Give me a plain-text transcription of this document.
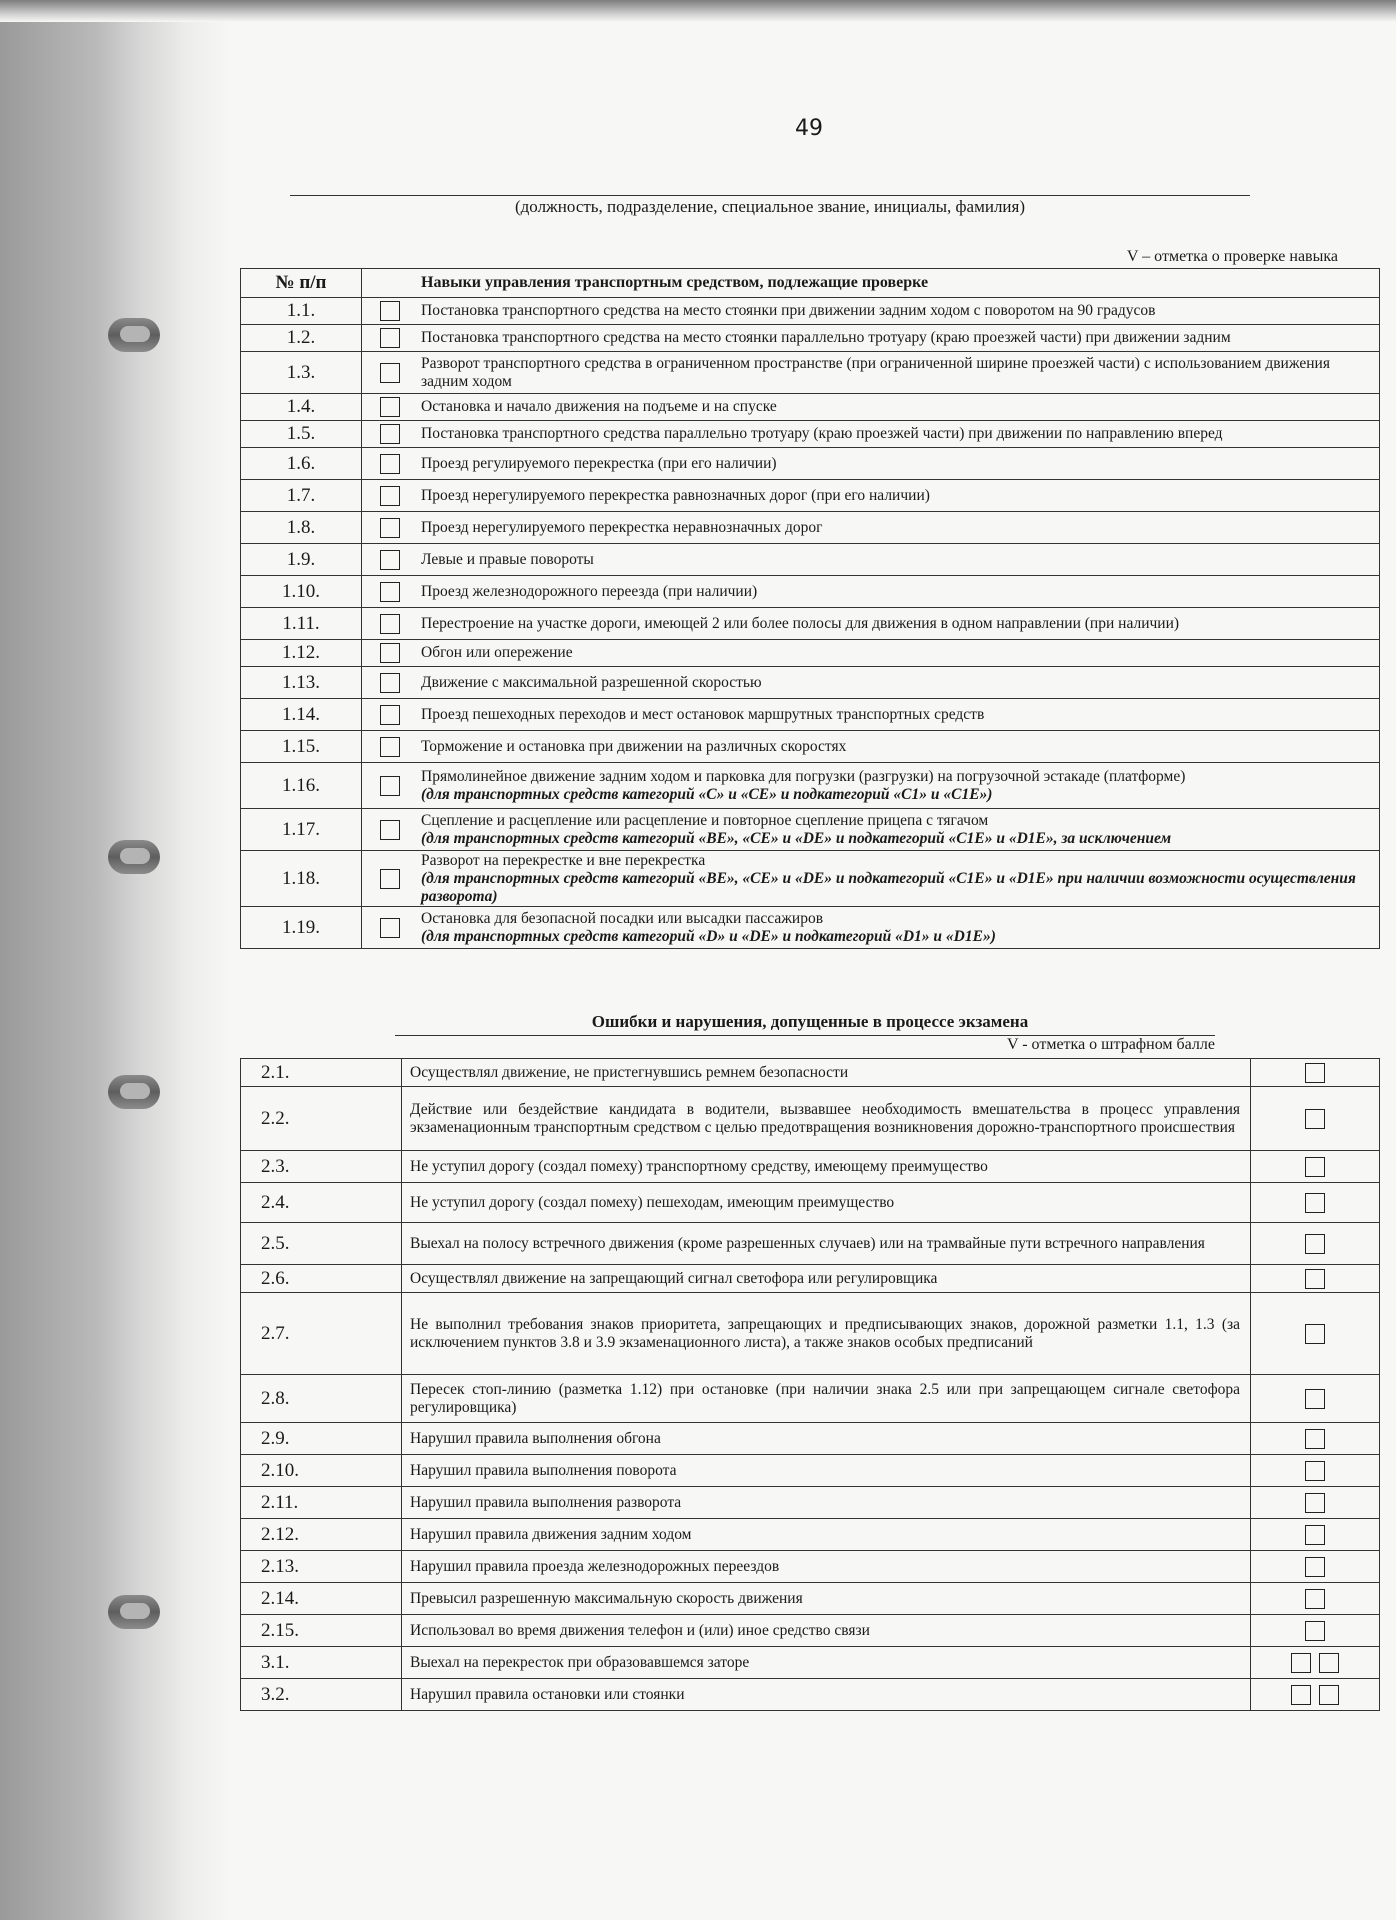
49
(должность, подразделение, специальное звание, инициалы, фамилия)
V – отметка о проверке навыка
№ п/п		Навыки управления транспортным средством, подлежащие проверке
1.1.		Постановка транспортного средства на место стоянки при движении задним ходом с поворотом на 90 градусов

1.2.		Постановка транспортного средства на место стоянки параллельно тротуару (краю проезжей части) при движении задним

1.3.		Разворот транспортного средства в ограниченном пространстве (при ограниченной ширине проезжей части) с использованием движения задним ходом

1.4.		Остановка и начало движения на подъеме и на спуске

1.5.		Постановка транспортного средства параллельно тротуару (краю проезжей части) при движении по направлению вперед

1.6.		Проезд регулируемого перекрестка (при его наличии)

1.7.		Проезд нерегулируемого перекрестка равнозначных дорог (при его наличии)

1.8.		Проезд нерегулируемого перекрестка неравнозначных дорог

1.9.		Левые и правые повороты

1.10.		Проезд железнодорожного переезда (при наличии)

1.11.		Перестроение на участке дороги, имеющей 2 или более полосы для движения в одном направлении (при наличии)

1.12.		Обгон или опережение

1.13.		Движение с максимальной разрешенной скоростью

1.14.		Проезд пешеходных переходов и мест остановок маршрутных транспортных средств

1.15.		Торможение и остановка при движении на различных скоростях

1.16.		Прямолинейное движение задним ходом и парковка для погрузки (разгрузки) на погрузочной эстакаде (платформе)
(для транспортных средств категорий «С» и «СЕ» и подкатегорий «С1» и «С1Е»)

1.17.		Сцепление и расцепление или расцепление и повторное сцепление прицепа с тягачом
(для транспортных средств категорий «ВЕ», «СЕ» и «DE» и подкатегорий «С1Е» и «D1E», за исключением

1.18.		Разворот на перекрестке и вне перекрестка
(для транспортных средств категорий «ВЕ», «СЕ» и «DE» и подкатегорий «С1Е» и «D1E» при наличии возможности осуществления разворота)

1.19.		Остановка для безопасной посадки или высадки пассажиров
(для транспортных средств категорий «D» и «DE» и подкатегорий «D1» и «D1E»)
Ошибки и нарушения, допущенные в процессе экзамена
V - отметка о штрафном балле
2.1.	Осуществлял движение, не пристегнувшись ремнем безопасности	
2.2.	Действие или бездействие кандидата в водители, вызвавшее необходимость вмешательства в процесс управления экзаменационным транспортным средством с целью предотвращения возникновения дорожно-транспортного происшествия	
2.3.	Не уступил дорогу (создал помеху) транспортному средству, имеющему преимущество	
2.4.	Не уступил дорогу (создал помеху) пешеходам, имеющим преимущество	
2.5.	Выехал на полосу встречного движения (кроме разрешенных случаев) или на трамвайные пути встречного направления	
2.6.	Осуществлял движение на запрещающий сигнал светофора или регулировщика	
2.7.	Не выполнил требования знаков приоритета, запрещающих и предписывающих знаков, дорожной разметки 1.1, 1.3 (за исключением пунктов 3.8 и 3.9 экзаменационного листа), а также знаков особых предписаний	
2.8.	Пересек стоп-линию (разметка 1.12) при остановке (при наличии знака 2.5 или при запрещающем сигнале светофора регулировщика)	
2.9.	Нарушил правила выполнения обгона	
2.10.	Нарушил правила выполнения поворота	
2.11.	Нарушил правила выполнения разворота	
2.12.	Нарушил правила движения задним ходом	
2.13.	Нарушил правила проезда железнодорожных переездов	
2.14.	Превысил разрешенную максимальную скорость движения	
2.15.	Использовал во время движения телефон и (или) иное средство связи	
3.1.	Выехал на перекресток при образовавшемся заторе	
3.2.	Нарушил правила остановки или стоянки	
